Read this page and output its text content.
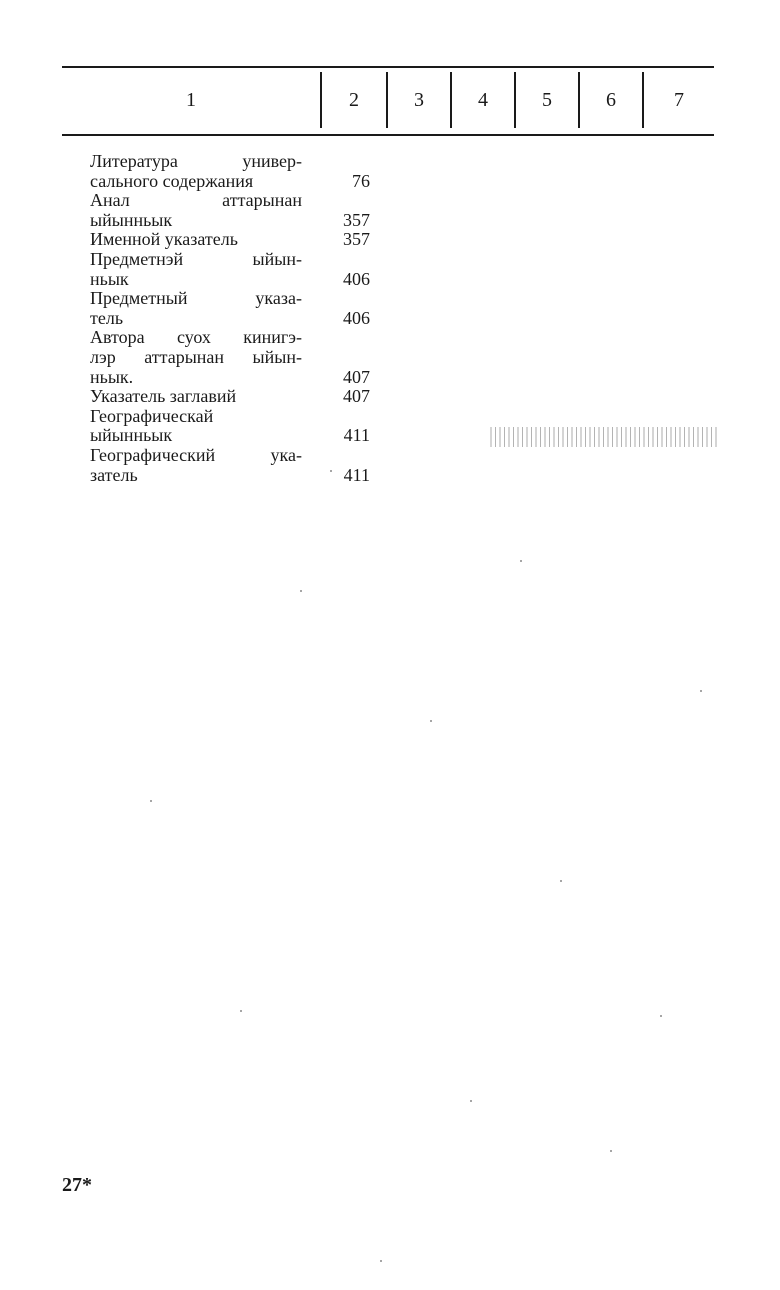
1	2	3	4	5	6	7
Литература универ-
сального содержания	76
Анал аттарынан
ыйынньык	357
Именной указатель	357
Предметнэй ыйын-
ньык	406
Предметный указа-
тель	406
Автора суох кинигэ-
лэр аттарынан ыйын-
ньык.	407
Указатель заглавий	407
Географическай
ыйынньык	411
Географический ука-
затель	411
27*
